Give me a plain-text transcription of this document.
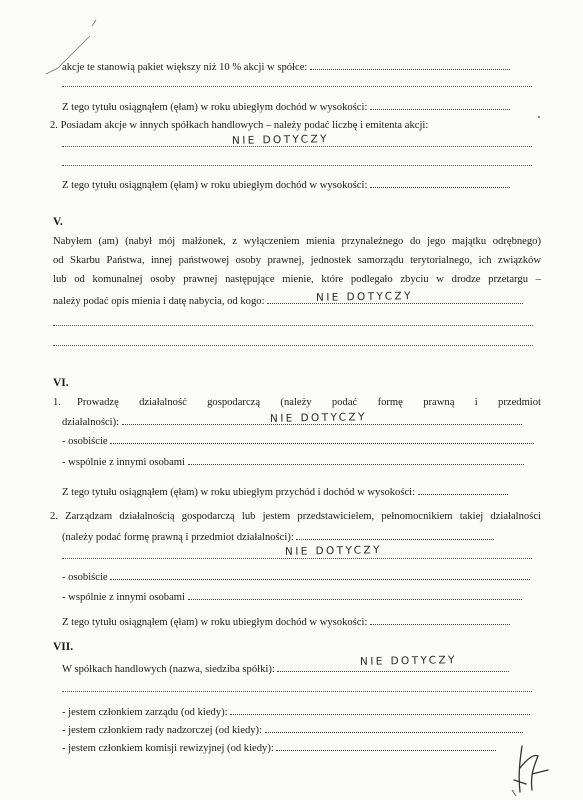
akcje te stanowią pakiet większy niż 10 % akcji w spółce:
Z tego tytułu osiągnąłem (ęłam) w roku ubiegłym dochód w wysokości:
2. Posiadam akcje w innych spółkach handlowych – należy podać liczbę i emitenta akcji:
NIE DOTYCZY
Z tego tytułu osiągnąłem (ęłam) w roku ubiegłym dochód w wysokości:
V.
Nabyłem (am) (nabył mój małżonek, z wyłączeniem mienia przynależnego do jego majątku odrębnego)
od Skarbu Państwa, innej państwowej osoby prawnej, jednostek samorządu terytorialnego, ich związków
lub od komunalnej osoby prawnej następujące mienie, które podlegało zbyciu w drodze przetargu –
należy podać opis mienia i datę nabycia, od kogo:	NIE DOTYCZY
VI.
1. Prowadzę działalność gospodarczą (należy podać formę prawną i przedmiot
działalności):	NIE DOTYCZY
- osobiście
- wspólnie z innymi osobami
Z tego tytułu osiągnąłem (ęłam) w roku ubiegłym przychód i dochód w wysokości:
2. Zarządzam działalnością gospodarczą lub jestem przedstawicielem, pełnomocnikiem takiej działalności
(należy podać formę prawną i przedmiot działalności):
NIE DOTYCZY
- osobiście
- wspólnie z innymi osobami
Z tego tytułu osiągnąłem (ęłam) w roku ubiegłym dochód w wysokości:
VII.
W spółkach handlowych (nazwa, siedziba spółki):
NIE DOTYCZY
- jestem członkiem zarządu (od kiedy):
- jestem członkiem rady nadzorczej (od kiedy):
- jestem członkiem komisji rewizyjnej (od kiedy):
